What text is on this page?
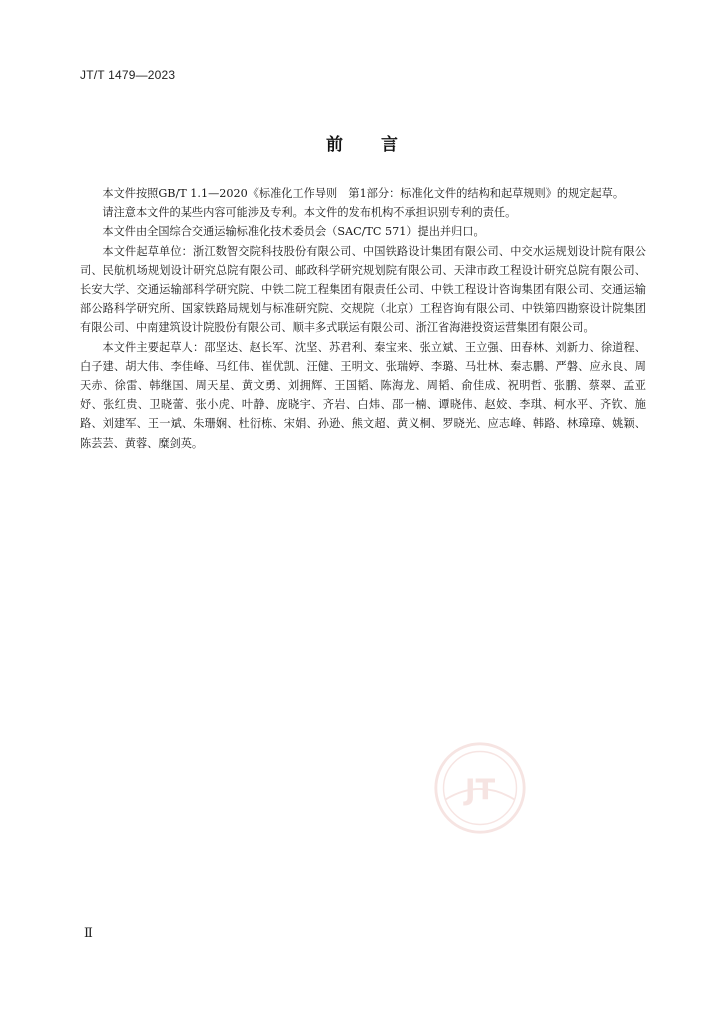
JT/T 1479—2023
前言

本文件按照GB/T 1.1—2020《标准化工作导则　第1部分：标准化文件的结构和起草规则》的规定起草。

请注意本文件的某些内容可能涉及专利。本文件的发布机构不承担识别专利的责任。

本文件由全国综合交通运输标准化技术委员会（SAC/TC 571）提出并归口。

本文件起草单位：浙江数智交院科技股份有限公司、中国铁路设计集团有限公司、中交水运规划设计院有限公司、民航机场规划设计研究总院有限公司、邮政科学研究规划院有限公司、天津市政工程设计研究总院有限公司、长安大学、交通运输部科学研究院、中铁二院工程集团有限责任公司、中铁工程设计咨询集团有限公司、交通运输部公路科学研究所、国家铁路局规划与标准研究院、交规院（北京）工程咨询有限公司、中铁第四勘察设计院集团有限公司、中南建筑设计院股份有限公司、顺丰多式联运有限公司、浙江省海港投资运营集团有限公司。

本文件主要起草人：邵坚达、赵长军、沈坚、苏君利、秦宝来、张立斌、王立强、田春林、刘新力、徐道程、白子建、胡大伟、李佳峰、马红伟、崔优凯、汪健、王明文、张瑞婷、李璐、马壮林、秦志鹏、严磐、应永良、周天赤、徐雷、韩继国、周天星、黄文勇、刘拥辉、王国韬、陈海龙、周韬、俞佳成、祝明哲、张鹏、蔡翠、孟亚妤、张红贵、卫晓蕾、张小虎、叶静、庞晓宇、齐岩、白炜、邵一楠、谭晓伟、赵姣、李琪、柯水平、齐钦、施路、刘建军、王一斌、朱珊娴、杜衍栋、宋娟、孙逊、熊文超、黄义桐、罗晓光、应志峰、韩路、林璋璋、姚颖、陈芸芸、黄蓉、糜剑英。

JT
Ⅱ
